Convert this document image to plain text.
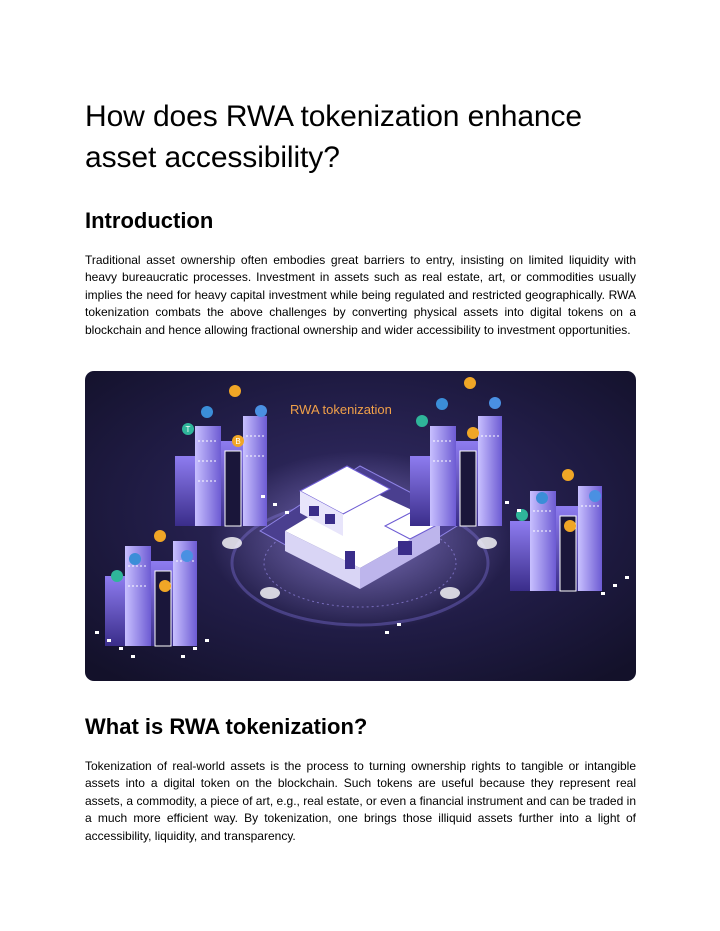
How does RWA tokenization enhance asset accessibility?
Introduction

Traditional asset ownership often embodies great barriers to entry, insisting on limited liquidity with heavy bureaucratic processes. Investment in assets such as real estate, art, or commodities usually implies the need for heavy capital investment while being regulated and restricted geographically. RWA tokenization combats the above challenges by converting physical assets into digital tokens on a blockchain and hence allowing fractional ownership and wider accessibility to investment opportunities.

RWA tokenization
T
B
What is RWA tokenization?

Tokenization of real-world assets is the process to turning ownership rights to tangible or intangible assets into a digital token on the blockchain. Such tokens are useful because they represent real assets, a commodity, a piece of art, e.g., real estate, or even a financial instrument and can be traded in a much more efficient way. By tokenization, one brings those illiquid assets further into a light of accessibility, liquidity, and transparency.
